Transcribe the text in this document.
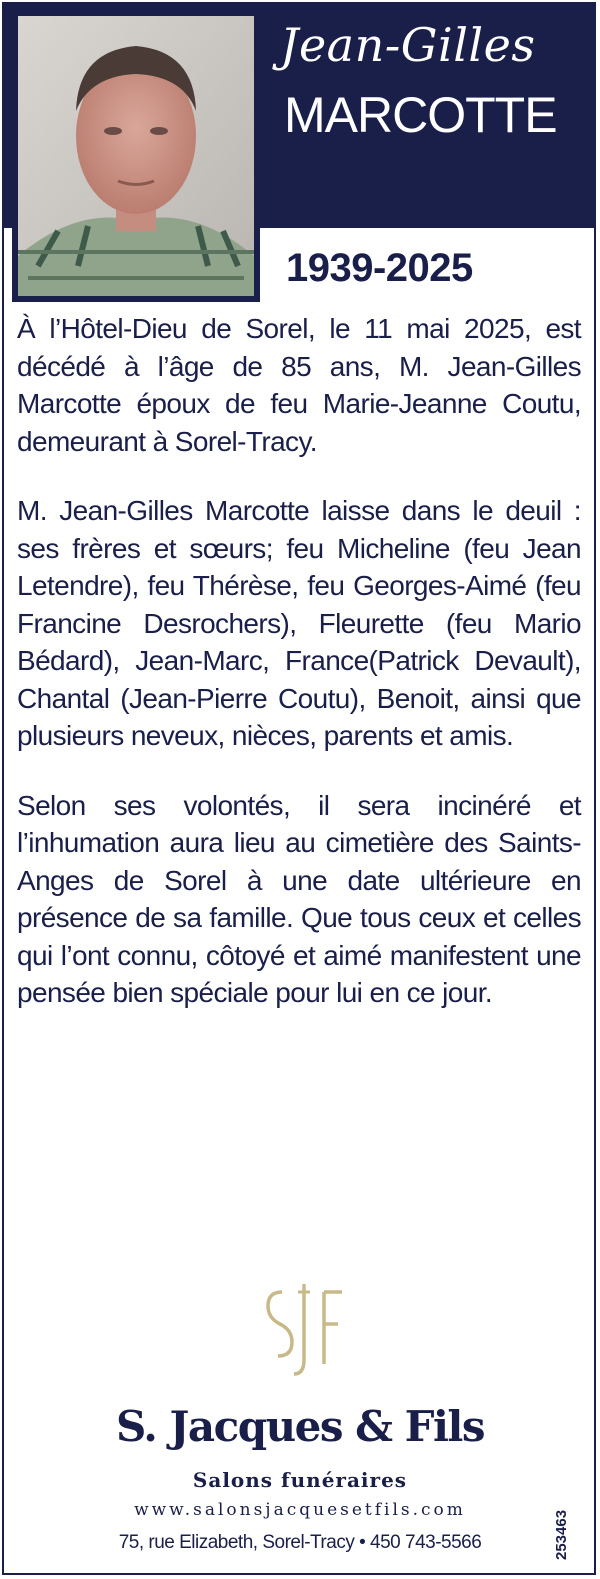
Jean-Gilles
MARCOTTE
1939-2025

À l’Hôtel-Dieu de Sorel, le 11 mai 2025, est décédé à l’âge de 85 ans, M. Jean-Gilles Marcotte époux de feu Marie-Jeanne Coutu, demeurant à Sorel-Tracy.

M. Jean-Gilles Marcotte laisse dans le deuil : ses frères et sœurs; feu Micheline (feu Jean Letendre), feu Thérèse, feu Georges-Aimé (feu Francine Desrochers), Fleurette (feu Mario Bédard), Jean-Marc, France(Patrick Devault), Chantal (Jean-Pierre Coutu), Benoit, ainsi que plusieurs neveux, nièces, parents et amis.

Selon ses volontés, il sera incinéré et l’inhumation aura lieu au cimetière des Saints-Anges de Sorel à une date ultérieure en présence de sa famille. Que tous ceux et celles qui l’ont connu, côtoyé et aimé manifestent une pensée bien spéciale pour lui en ce jour.

S. Jacques & Fils
Salons funéraires
www.salonsjacquesetfils.com
75, rue Elizabeth, Sorel-Tracy • 450 743-5566	253463
